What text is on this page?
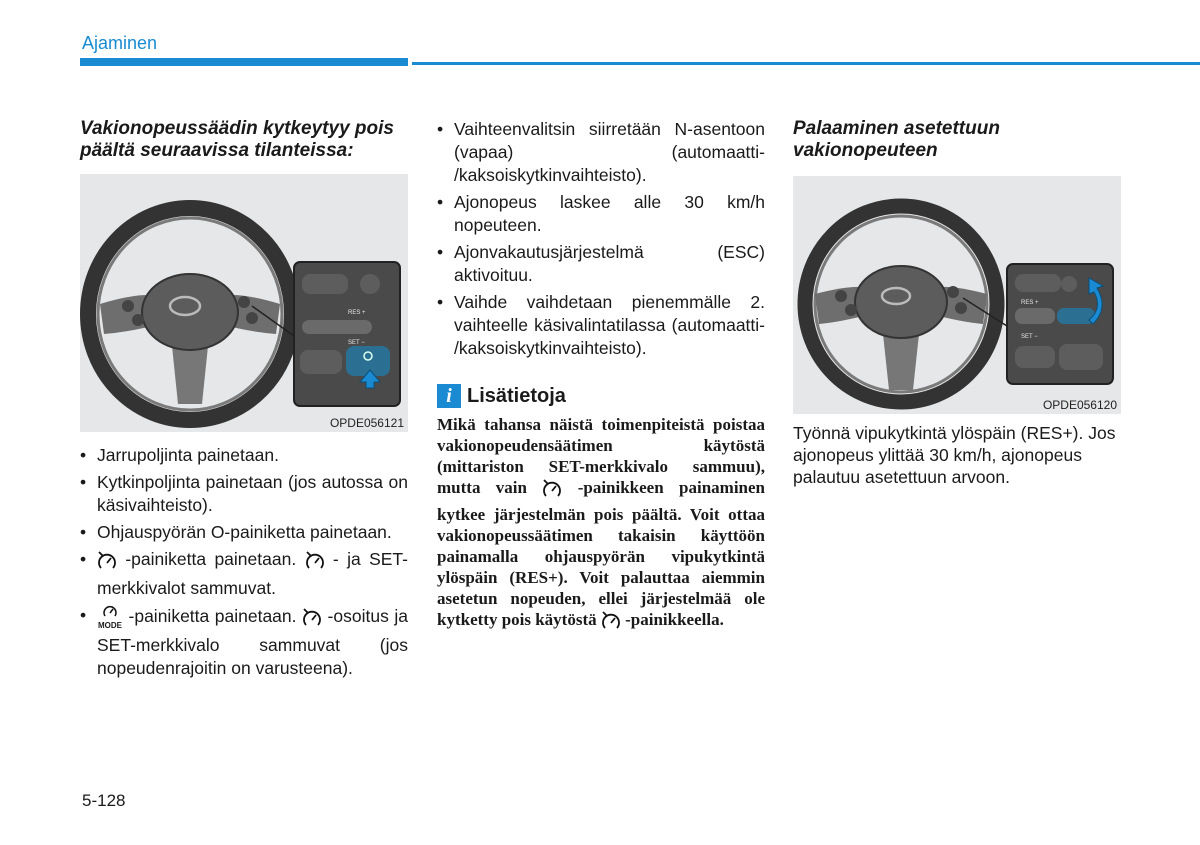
Ajaminen

Vakionopeussäädin kytkeytyy pois päältä seuraavissa tilanteissa:

RES +
SET −
OPDE056121
• Jarrupoljinta painetaan.
• Kytkinpoljinta painetaan (jos autossa on käsivaihteisto).
• Ohjauspyörän O-painiketta painetaan.
• -painiketta painetaan. - ja SET-merkkivalot sammuvat.
•
MODE -painiketta painetaan. -osoitus ja SET-merkkivalo sammuvat (jos nopeudenrajoitin on varusteena).
• Vaihteenvalitsin siirretään N-asentoon (vapaa) (automaatti- /kaksoiskytkinvaihteisto).
• Ajonopeus laskee alle 30 km/h nopeuteen.
• Ajonvakautusjärjestelmä (ESC) aktivoituu.
• Vaihde vaihdetaan pienemmälle 2. vaihteelle käsivalintatilassa (automaatti- /kaksoiskytkinvaihteisto).
i Lisätietoja
Mikä tahansa näistä toimenpiteistä poistaa vakionopeudensäätimen käytöstä (mittariston SET-merkkivalo sammuu), mutta vain	-painikkeen painaminen kytkee järjestelmän pois päältä. Voit ottaa vakionopeussäätimen takaisin käyttöön painamalla ohjauspyörän vipukytkintä ylöspäin (RES+). Voit palauttaa aiemmin asetetun nopeuden, ellei järjestelmää ole kytketty pois käytöstä -painikkeella.

Palaaminen asetettuun vakionopeuteen

RES +
SET −
OPDE056120
Työnnä vipukytkintä ylöspäin (RES+). Jos ajonopeus ylittää 30 km/h, ajonopeus palautuu asetettuun arvoon.
5-128
